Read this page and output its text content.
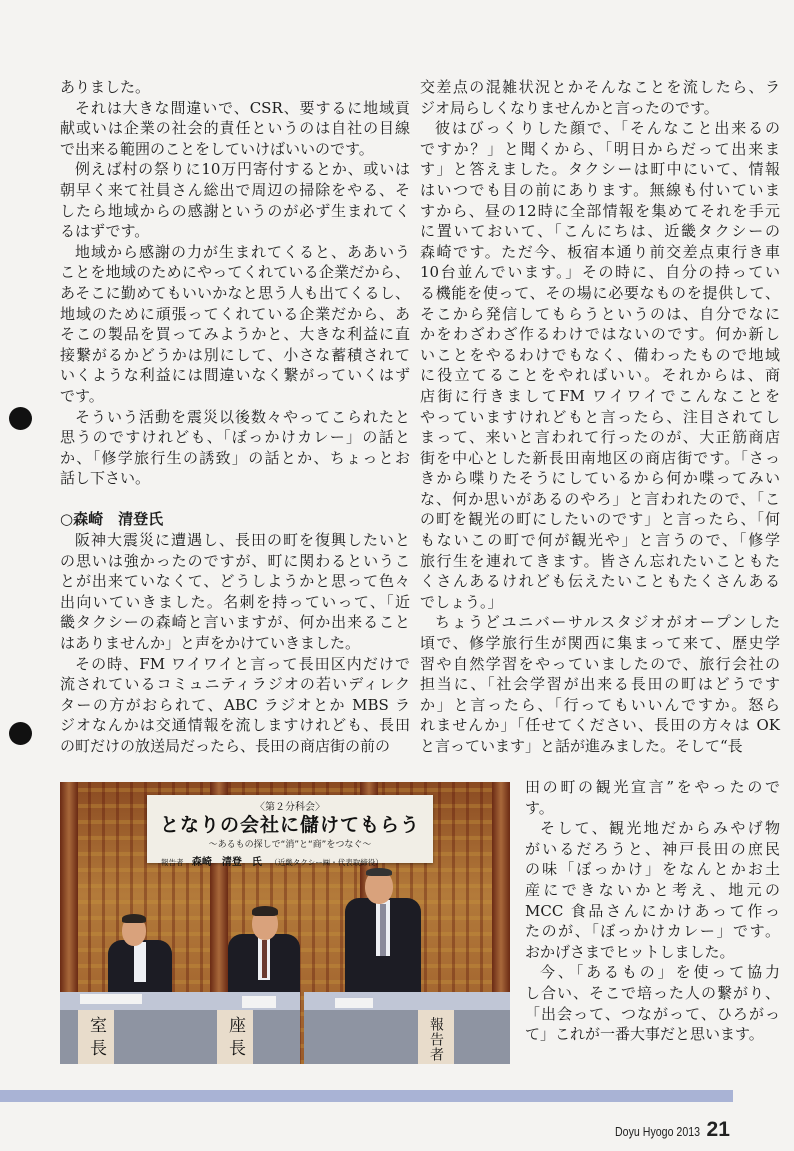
ありました。
それは大きな間違いで、CSR、要するに地域貢
献或いは企業の社会的責任というのは自社の目線
で出来る範囲のことをしていけばいいのです。
例えば村の祭りに10万円寄付するとか、或いは
朝早く来て社員さん総出で周辺の掃除をやる、そ
したら地域からの感謝というのが必ず生まれてく
るはずです。
地域から感謝の力が生まれてくると、ああいう
ことを地域のためにやってくれている企業だから、
あそこに勤めてもいいかなと思う人も出てくるし、
地域のために頑張ってくれている企業だから、あ
そこの製品を買ってみようかと、大きな利益に直
接繋がるかどうかは別にして、小さな蓄積されて
いくような利益には間違いなく繋がっていくはず
です。
そういう活動を震災以後数々やってこられたと
思うのですけれども、「ぼっかけカレー」の話と
か、「修学旅行生の誘致」の話とか、ちょっとお
話し下さい。
○森崎　清登氏
阪神大震災に遭遇し、長田の町を復興したいと
の思いは強かったのですが、町に関わるというこ
とが出来ていなくて、どうしようかと思って色々
出向いていきました。名刺を持っていって、「近
畿タクシーの森崎と言いますが、何か出来ること
はありませんか」と声をかけていきました。
その時、FM ワイワイと言って長田区内だけで
流されているコミュニティラジオの若いディレク
ターの方がおられて、ABC ラジオとか MBS ラ
ジオなんかは交通情報を流しますけれども、長田
の町だけの放送局だったら、長田の商店街の前の
交差点の混雑状況とかそんなことを流したら、ラ
ジオ局らしくなりませんかと言ったのです。
彼はびっくりした顔で、「そんなこと出来るの
ですか？」と聞くから、「明日からだって出来ま
す」と答えました。タクシーは町中にいて、情報
はいつでも目の前にあります。無線も付いていま
すから、昼の12時に全部情報を集めてそれを手元
に置いておいて、「こんにちは、近畿タクシーの
森崎です。ただ今、板宿本通り前交差点東行き車
10台並んでいます。」その時に、自分の持ってい
る機能を使って、その場に必要なものを提供して、
そこから発信してもらうというのは、自分でなに
かをわざわざ作るわけではないのです。何か新し
いことをやるわけでもなく、備わったもので地域
に役立てることをやればいい。それからは、商
店街に行きましてFM ワイワイでこんなことを
やっていますけれどもと言ったら、注目されてし
まって、来いと言われて行ったのが、大正筋商店
街を中心とした新長田南地区の商店街です。「さっ
きから喋りたそうにしているから何か喋ってみい
な、何か思いがあるのやろ」と言われたので、「こ
の町を観光の町にしたいのです」と言ったら、「何
もないこの町で何が観光や」と言うので、「修学
旅行生を連れてきます。皆さん忘れたいこともた
くさんあるけれども伝えたいこともたくさんある
でしょう。」
ちょうどユニバーサルスタジオがオープンした
頃で、修学旅行生が関西に集まって来て、歴史学
習や自然学習をやっていましたので、旅行会社の
担当に、「社会学習が出来る長田の町はどうです
か」と言ったら、「行ってもいいんですか。怒ら
れませんか」「任せてください、長田の方々は OK
と言っています」と話が進みました。そして“長
田の町の観光宣言”をやったので
す。
そして、観光地だからみやげ物
がいるだろうと、神戸長田の庶民
の味「ぼっかけ」をなんとかお土
産にできないかと考え、地元の
MCC 食品さんにかけあって作っ
たのが、「ぼっかけカレー」です。
おかげさまでヒットしました。
今、「あるもの」を使って協力
し合い、そこで培った人の繋がり、
「出会って、つながって、ひろがっ
て」これが一番大事だと思います。
〈第２分科会〉
となりの会社に儲けてもらう
〜あるもの探しで“消”と“商”をつなぐ〜
報告者 森崎　清登　氏 （近畿タクシー㈱・代表取締役）
室長	座長	報告者
Doyu Hyogo 2013 21
